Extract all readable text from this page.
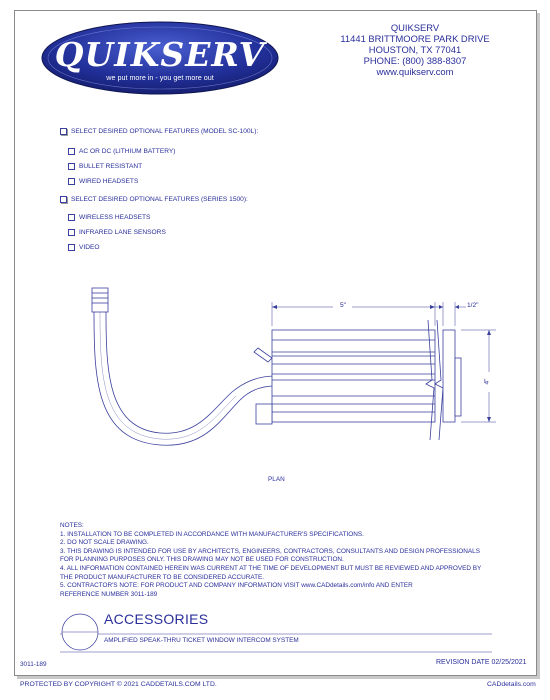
QUIKSERV
we put more in - you get more out
QUIKSERV
11441 BRITTMOORE PARK DRIVE
HOUSTON, TX 77041
PHONE: (800) 388-8307
www.quikserv.com
SELECT DESIRED OPTIONAL FEATURES (MODEL SC-100L):
AC OR DC (LITHIUM BATTERY)
BULLET RESISTANT
WIRED HEADSETS
SELECT DESIRED OPTIONAL FEATURES (SERIES 1500):
WIRELESS HEADSETS
INFRARED LANE SENSORS
VIDEO
5"	1/2"
4"
PLAN
NOTES:
1. INSTALLATION TO BE COMPLETED IN ACCORDANCE WITH MANUFACTURER'S SPECIFICATIONS.
2. DO NOT SCALE DRAWING.
3. THIS DRAWING IS INTENDED FOR USE BY ARCHITECTS, ENGINEERS, CONTRACTORS, CONSULTANTS AND DESIGN PROFESSIONALS
FOR PLANNING PURPOSES ONLY. THIS DRAWING MAY NOT BE USED FOR CONSTRUCTION.
4. ALL INFORMATION CONTAINED HEREIN WAS CURRENT AT THE TIME OF DEVELOPMENT BUT MUST BE REVIEWED AND APPROVED BY
THE PRODUCT MANUFACTURER TO BE CONSIDERED ACCURATE.
5. CONTRACTOR'S NOTE: FOR PRODUCT AND COMPANY INFORMATION VISIT www.CADdetails.com/info AND ENTER
REFERENCE NUMBER 3011-189
ACCESSORIES
AMPLIFIED SPEAK-THRU TICKET WINDOW INTERCOM SYSTEM
3011-189	REVISION DATE 02/25/2021
PROTECTED BY COPYRIGHT © 2021 CADDETAILS.COM LTD.	CADdetails.com
